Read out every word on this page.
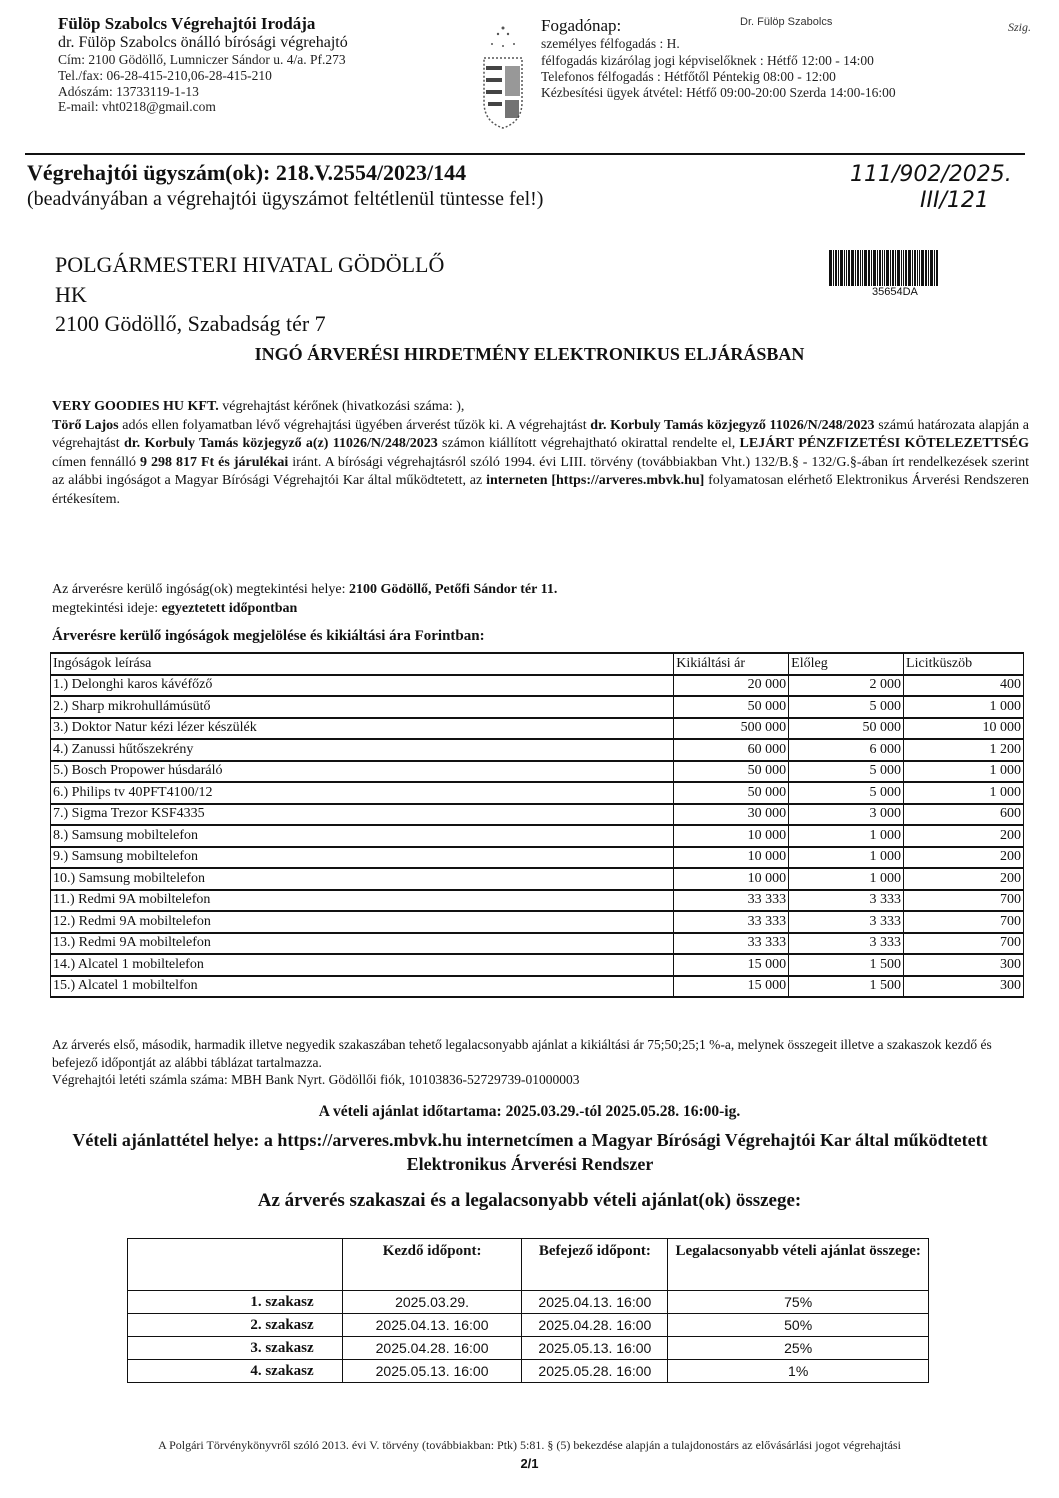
Fülöp Szabolcs Végrehajtói Irodája
dr. Fülöp Szabolcs önálló bírósági végrehajtó
Cím: 2100 Gödöllő, Lumniczer Sándor u. 4/a. Pf.273
Tel./fax: 06-28-415-210,06-28-415-210
Adószám: 13733119-1-13
E-mail: vht0218@gmail.com
Fogadónap:
személyes félfogadás : H.
félfogadás kizárólag jogi képviselőknek : Hétfő 12:00 - 14:00
Telefonos félfogadás : Hétfőtől Péntekig 08:00 - 12:00
Kézbesítési ügyek átvétel: Hétfő 09:00-20:00 Szerda 14:00-16:00
Dr. Fülöp Szabolcs	Szig.
Végrehajtói ügyszám(ok): 218.V.2554/2023/144
(beadványában a végrehajtói ügyszámot feltétlenül tüntesse fel!)
111/902/2025.
III/121
35654DA
POLGÁRMESTERI HIVATAL GÖDÖLLŐ
HK
2100 Gödöllő, Szabadság tér 7
INGÓ ÁRVERÉSI HIRDETMÉNY ELEKTRONIKUS ELJÁRÁSBAN
VERY GOODIES HU KFT. végrehajtást kérőnek (hivatkozási száma: ),
Törő Lajos adós ellen folyamatban lévő végrehajtási ügyében árverést tűzök ki. A végrehajtást dr. Korbuly Tamás közjegyző 11026/N/248/2023 számú határozata alapján a végrehajtást dr. Korbuly Tamás közjegyző a(z) 11026/N/248/2023 számon kiállított végrehajtható okirattal rendelte el, LEJÁRT PÉNZFIZETÉSI KÖTELEZETTSÉG címen fennálló 9 298 817 Ft és járulékai iránt. A bírósági végrehajtásról szóló 1994. évi LIII. törvény (továbbiakban Vht.) 132/B.§ - 132/G.§-ában írt rendelkezések szerint az alábbi ingóságot a Magyar Bírósági Végrehajtói Kar által működtetett, az interneten [https://arveres.mbvk.hu] folyamatosan elérhető Elektronikus Árverési Rendszeren értékesítem.
Az árverésre kerülő ingóság(ok) megtekintési helye: 2100 Gödöllő, Petőfi Sándor tér 11.
megtekintési ideje: egyeztetett időpontban
Árverésre kerülő ingóságok megjelölése és kikiáltási ára Forintban:
Ingóságok leírása	Kikiáltási ár	Előleg	Licitküszöb
1.) Delonghi karos kávéfőző	20 000	2 000	400
2.) Sharp mikrohullámúsütő	50 000	5 000	1 000
3.) Doktor Natur kézi lézer készülék	500 000	50 000	10 000
4.) Zanussi hűtőszekrény	60 000	6 000	1 200
5.) Bosch Propower húsdaráló	50 000	5 000	1 000
6.) Philips tv 40PFT4100/12	50 000	5 000	1 000
7.) Sigma Trezor KSF4335	30 000	3 000	600
8.) Samsung mobiltelefon	10 000	1 000	200
9.) Samsung mobiltelefon	10 000	1 000	200
10.) Samsung mobiltelefon	10 000	1 000	200
11.) Redmi 9A mobiltelefon	33 333	3 333	700
12.) Redmi 9A mobiltelefon	33 333	3 333	700
13.) Redmi 9A mobiltelefon	33 333	3 333	700
14.) Alcatel 1 mobiltelefon	15 000	1 500	300
15.) Alcatel 1 mobiltelfon	15 000	1 500	300
Az árverés első, második, harmadik illetve negyedik szakaszában tehető legalacsonyabb ajánlat a kikiáltási ár 75;50;25;1 %-a, melynek összegeit illetve a szakaszok kezdő és befejező időpontját az alábbi táblázat tartalmazza.
Végrehajtói letéti számla száma: MBH Bank Nyrt. Gödöllői fiók, 10103836-52729739-01000003
A vételi ajánlat időtartama: 2025.03.29.-tól 2025.05.28. 16:00-ig.
Vételi ajánlattétel helye: a https://arveres.mbvk.hu internetcímen a Magyar Bírósági Végrehajtói Kar által működtetett Elektronikus Árverési Rendszer
Az árverés szakaszai és a legalacsonyabb vételi ajánlat(ok) összege:
	Kezdő időpont:	Befejező időpont:	Legalacsonyabb vételi ajánlat összege:
1. szakasz	2025.03.29.	2025.04.13. 16:00	75%
2. szakasz	2025.04.13. 16:00	2025.04.28. 16:00	50%
3. szakasz	2025.04.28. 16:00	2025.05.13. 16:00	25%
4. szakasz	2025.05.13. 16:00	2025.05.28. 16:00	1%
A Polgári Törvénykönyvről szóló 2013. évi V. törvény (továbbiakban: Ptk) 5:81. § (5) bekezdése alapján a tulajdonostárs az elővásárlási jogot végrehajtási
2/1
